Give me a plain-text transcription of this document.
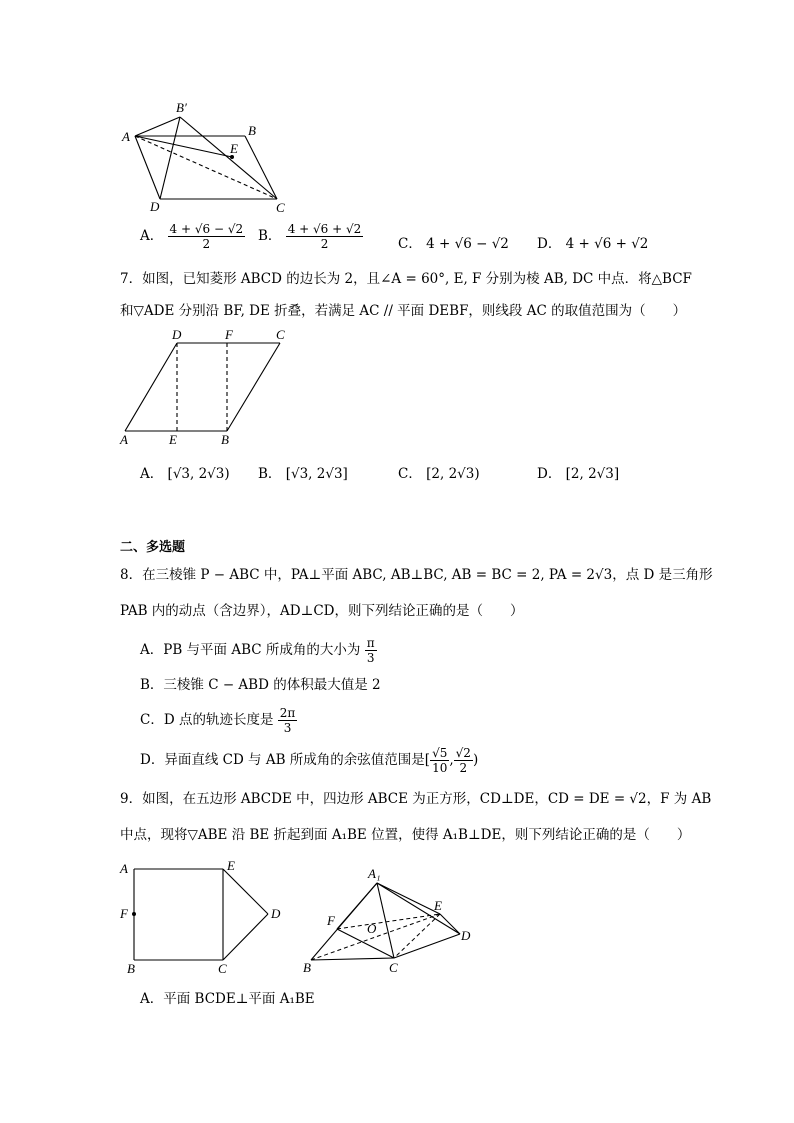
A
B′
B
E
D	C
A． $\frac{4 + √6 - √2}{2}$ B． $\frac{4 + √6 + √2}{2}$	C． 4 + √6 − √2 D． 4 + √6 + √2
7．如图，已知菱形 ABCD 的边长为 2，且∠A = 60°, E, F 分别为棱 AB, DC 中点．将△BCF
和▽ADE 分别沿 BF, DE 折叠，若满足 AC // 平面 DEBF，则线段 AC 的取值范围为（　　）
D	F	C
A	E	B
A． [√3, 2√3) B． [√3, 2√3]	C． [2, 2√3)	D． [2, 2√3]
二、多选题
8．在三棱锥 P − ABC 中，PA⊥平面 ABC, AB⊥BC, AB = BC = 2, PA = 2√3，点 D 是三角形
PAB 内的动点（含边界），AD⊥CD，则下列结论正确的是（　　）
A．PB 与平面 ABC 所成角的大小为 $\frac{\pi}{3}$
B．三棱锥 C − ABD 的体积最大值是 2
C．D 点的轨迹长度是 $\frac{2\pi}{3}$
D．异面直线 CD 与 AB 所成角的余弦值范围是[ $\frac{√5}{10}$ , $\frac{√2}{2}$ )
9．如图，在五边形 ABCDE 中，四边形 ABCE 为正方形，CD⊥DE，CD = DE = √2，F 为 AB
中点，现将▽ABE 沿 BE 折起到面 A₁BE 位置，使得 A₁B⊥DE，则下列结论正确的是（　　）
A	E
F	D
B	C
A₁
F
O
E
D
B	C
A．平面 BCDE⊥平面 A₁BE
